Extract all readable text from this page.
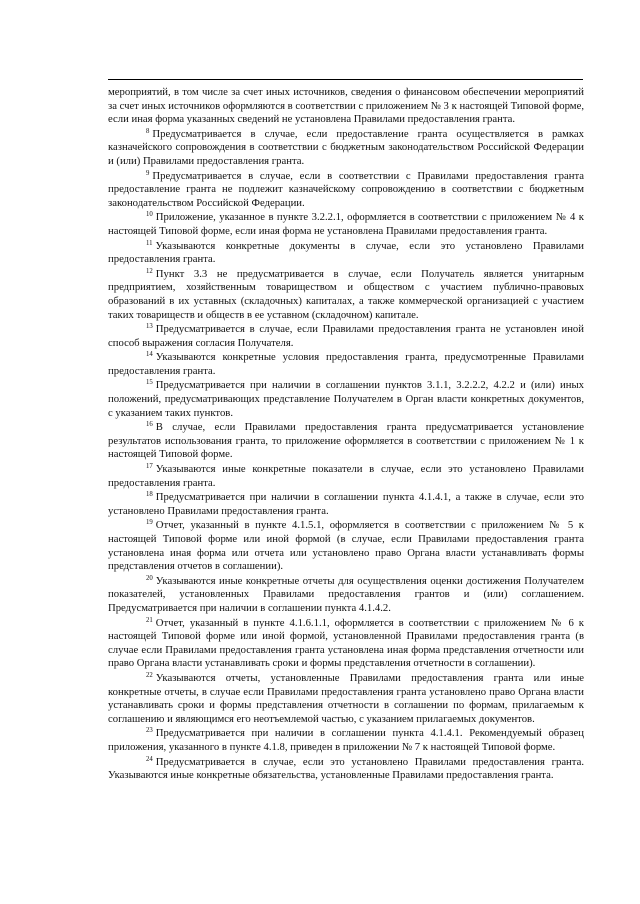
мероприятий, в том числе за счет иных источников, сведения о финансовом обеспечении мероприятий за счет иных источников оформляются в соответствии с приложением № 3 к настоящей Типовой форме, если иная форма указанных сведений не установлена Правилами предоставления гранта.

$^8$ Предусматривается в случае, если предоставление гранта осуществляется в рамках казначейского сопровождения в соответствии с бюджетным законодательством Российской Федерации и (или) Правилами предоставления гранта.

$^9$ Предусматривается в случае, если в соответствии с Правилами предоставления гранта предоставление гранта не подлежит казначейскому сопровождению в соответствии с бюджетным законодательством Российской Федерации.

$^{10}$ Приложение, указанное в пункте 3.2.2.1, оформляется в соответствии с приложением № 4 к настоящей Типовой форме, если иная форма не установлена Правилами предоставления гранта.

$^{11}$ Указываются конкретные документы в случае, если это установлено Правилами предоставления гранта.

$^{12}$ Пункт 3.3 не предусматривается в случае, если Получатель является унитарным предприятием, хозяйственным товариществом и обществом с участием публично-правовых образований в их уставных (складочных) капиталах, а также коммерческой организацией с участием таких товариществ и обществ в ее уставном (складочном) капитале.

$^{13}$ Предусматривается в случае, если Правилами предоставления гранта не установлен иной способ выражения согласия Получателя.

$^{14}$ Указываются конкретные условия предоставления гранта, предусмотренные Правилами предоставления гранта.

$^{15}$ Предусматривается при наличии в соглашении пунктов 3.1.1, 3.2.2.2, 4.2.2 и (или) иных положений, предусматривающих представление Получателем в Орган власти конкретных документов, с указанием таких пунктов.

$^{16}$ В случае, если Правилами предоставления гранта предусматривается установление результатов использования гранта, то приложение оформляется в соответствии с приложением № 1 к настоящей Типовой форме.

$^{17}$ Указываются иные конкретные показатели в случае, если это установлено Правилами предоставления гранта.

$^{18}$ Предусматривается при наличии в соглашении пункта 4.1.4.1, а также в случае, если это установлено Правилами предоставления гранта.

$^{19}$ Отчет, указанный в пункте 4.1.5.1, оформляется в соответствии с приложением № 5 к настоящей Типовой форме или иной формой (в случае, если Правилами предоставления гранта установлена иная форма или отчета или установлено право Органа власти устанавливать формы представления отчетов в соглашении).

$^{20}$ Указываются иные конкретные отчеты для осуществления оценки достижения Получателем показателей, установленных Правилами предоставления грантов и (или) соглашением. Предусматривается при наличии в соглашении пункта 4.1.4.2.

$^{21}$ Отчет, указанный в пункте 4.1.6.1.1, оформляется в соответствии с приложением № 6 к настоящей Типовой форме или иной формой, установленной Правилами предоставления гранта (в случае если Правилами предоставления гранта установлена иная форма представления отчетности или право Органа власти устанавливать сроки и формы представления отчетности в соглашении).

$^{22}$ Указываются отчеты, установленные Правилами предоставления гранта или иные конкретные отчеты, в случае если Правилами предоставления гранта установлено право Органа власти устанавливать сроки и формы представления отчетности в соглашении по формам, прилагаемым к соглашению и являющимся его неотъемлемой частью, с указанием прилагаемых документов.

$^{23}$ Предусматривается при наличии в соглашении пункта 4.1.4.1. Рекомендуемый образец приложения, указанного в пункте 4.1.8, приведен в приложении № 7 к настоящей Типовой форме.

$^{24}$ Предусматривается в случае, если это установлено Правилами предоставления гранта. Указываются иные конкретные обязательства, установленные Правилами предоставления гранта.
